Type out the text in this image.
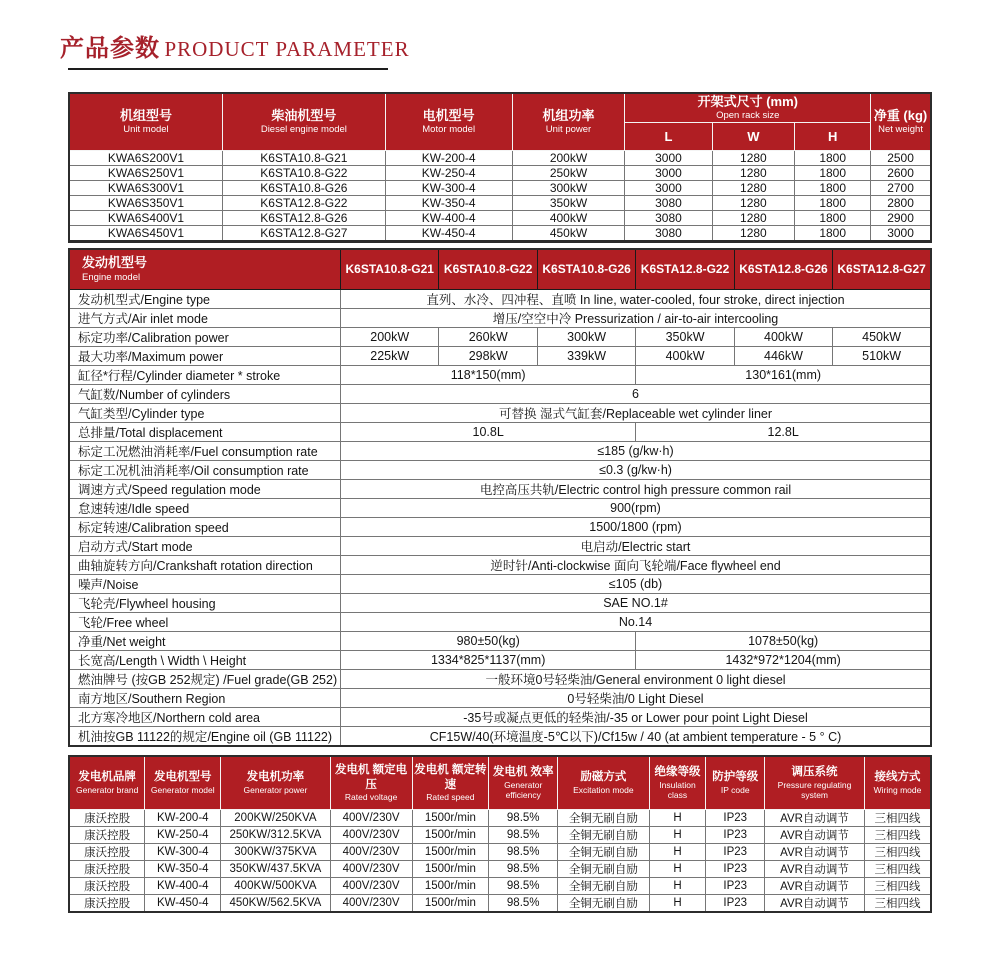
产品参数 PRODUCT PARAMETER
机组型号
Unit model

柴油机型号
Diesel engine model

电机型号
Motor model

机组功率
Unit power

开架式尺寸 (mm)
Open rack size	净重 (kg)
Net weight

				L	W	H	
KWA6S200V1	K6STA10.8-G21	KW-200-4	200kW	3000	1280	1800	2500
KWA6S250V1	K6STA10.8-G22	KW-250-4	250kW	3000	1280	1800	2600
KWA6S300V1	K6STA10.8-G26	KW-300-4	300kW	3000	1280	1800	2700
KWA6S350V1	K6STA12.8-G22	KW-350-4	350kW	3080	1280	1800	2800
KWA6S400V1	K6STA12.8-G26	KW-400-4	400kW	3080	1280	1800	2900
KWA6S450V1	K6STA12.8-G27	KW-450-4	450kW	3080	1280	1800	3000
发动机型号
Engine model	K6STA10.8-G21	K6STA10.8-G22	K6STA10.8-G26	K6STA12.8-G22	K6STA12.8-G26	K6STA12.8-G27
发动机型式/Engine type	直列、水冷、四冲程、直喷 In line, water-cooled, four stroke, direct injection					
进气方式/Air inlet mode	增压/空空中冷 Pressurization / air-to-air intercooling					
标定功率/Calibration power	200kW	260kW	300kW	350kW	400kW	450kW
最大功率/Maximum power	225kW	298kW	339kW	400kW	446kW	510kW
缸径*行程/Cylinder diameter * stroke	118*150(mm)			130*161(mm)		
气缸数/Number of cylinders	6					
气缸类型/Cylinder type	可替换 湿式气缸套/Replaceable wet cylinder liner					
总排量/Total displacement	10.8L			12.8L		
标定工况燃油消耗率/Fuel consumption rate	≤185 (g/kw·h)					
标定工况机油消耗率/Oil consumption rate	≤0.3 (g/kw·h)					
调速方式/Speed regulation mode	电控高压共轨/Electric control high pressure common rail					
怠速转速/Idle speed	900(rpm)					
标定转速/Calibration speed	1500/1800 (rpm)					
启动方式/Start mode	电启动/Electric start					
曲轴旋转方向/Crankshaft rotation direction	逆时针/Anti-clockwise 面向飞轮端/Face flywheel end					
噪声/Noise	≤105 (db)					
飞轮壳/Flywheel housing	SAE NO.1#					
飞轮/Free wheel	No.14					
净重/Net weight	980±50(kg)			1078±50(kg)		
长宽高/Length \ Width \ Height	1334*825*1137(mm)			1432*972*1204(mm)		
燃油牌号 (按GB 252规定) /Fuel grade(GB 252)	一般环境0号轻柴油/General environment 0 light diesel					
南方地区/Southern Region	0号轻柴油/0 Light Diesel					
北方寒冷地区/Northern cold area	-35号或凝点更低的轻柴油/-35 or Lower pour point Light Diesel					
机油按GB 11122的规定/Engine oil (GB 11122)	CF15W/40(环境温度-5℃以下)/Cf15w / 40 (at ambient temperature - 5 ° C)					
发电机品牌
Generator brand

发电机型号
Generator model

发电机功率
Generator power

发电机 额定电压
Rated voltage

发电机 额定转速
Rated speed

发电机 效率
Generator efficiency

励磁方式
Excitation mode

绝缘等级
Insulation class

防护等级
IP code

调压系统
Pressure regulating system

接线方式
Wiring mode

康沃控股	KW-200-4	200KW/250KVA	400V/230V	1500r/min	98.5%	全铜无刷自励	H	IP23	AVR自动调节	三相四线
康沃控股	KW-250-4	250KW/312.5KVA	400V/230V	1500r/min	98.5%	全铜无刷自励	H	IP23	AVR自动调节	三相四线
康沃控股	KW-300-4	300KW/375KVA	400V/230V	1500r/min	98.5%	全铜无刷自励	H	IP23	AVR自动调节	三相四线
康沃控股	KW-350-4	350KW/437.5KVA	400V/230V	1500r/min	98.5%	全铜无刷自励	H	IP23	AVR自动调节	三相四线
康沃控股	KW-400-4	400KW/500KVA	400V/230V	1500r/min	98.5%	全铜无刷自励	H	IP23	AVR自动调节	三相四线
康沃控股	KW-450-4	450KW/562.5KVA	400V/230V	1500r/min	98.5%	全铜无刷自励	H	IP23	AVR自动调节	三相四线
